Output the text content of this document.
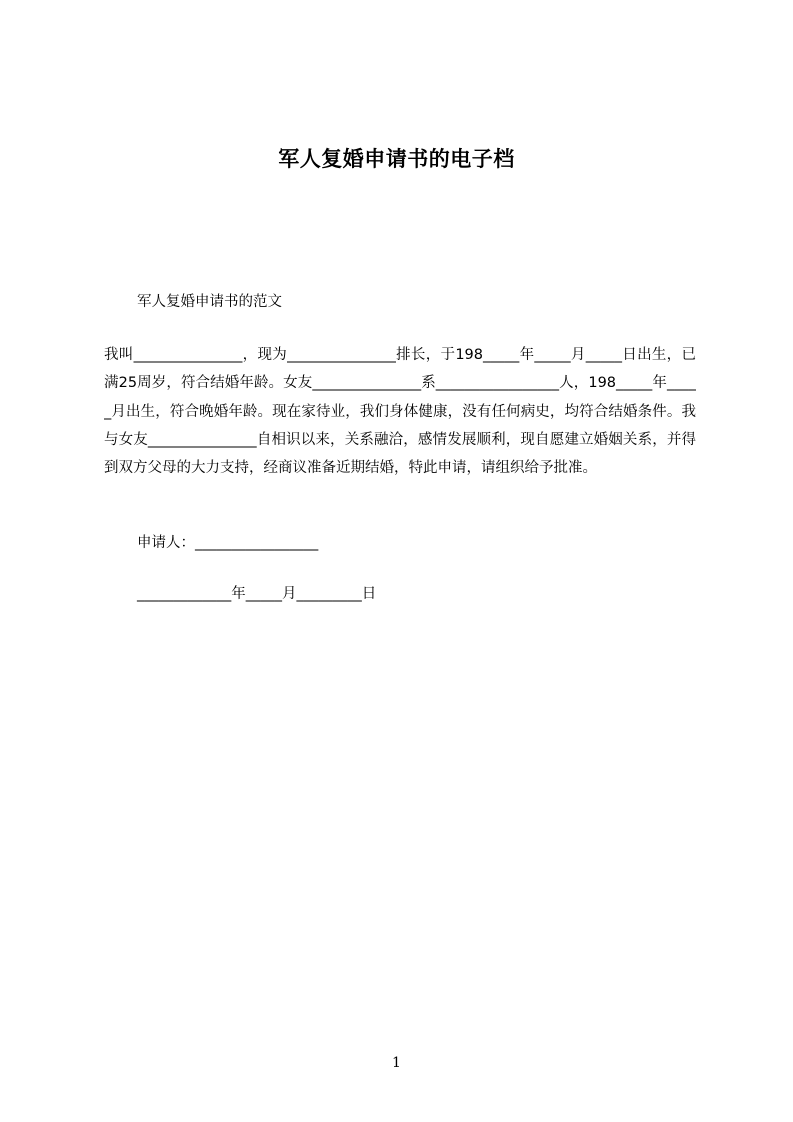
军人复婚申请书的电子档

军人复婚申请书的范文

我叫_______________，现为_______________排长，于198_____年_____月_____日出生，已满25周岁，符合结婚年龄。女友_______________系_________________人，198_____年_____月出生，符合晚婚年龄。现在家待业，我们身体健康，没有任何病史，均符合结婚条件。我与女友_______________自相识以来，关系融洽，感情发展顺利，现自愿建立婚姻关系，并得到双方父母的大力支持，经商议准备近期结婚，特此申请，请组织给予批准。

申请人：_________________

_____________年_____月_________日

1
